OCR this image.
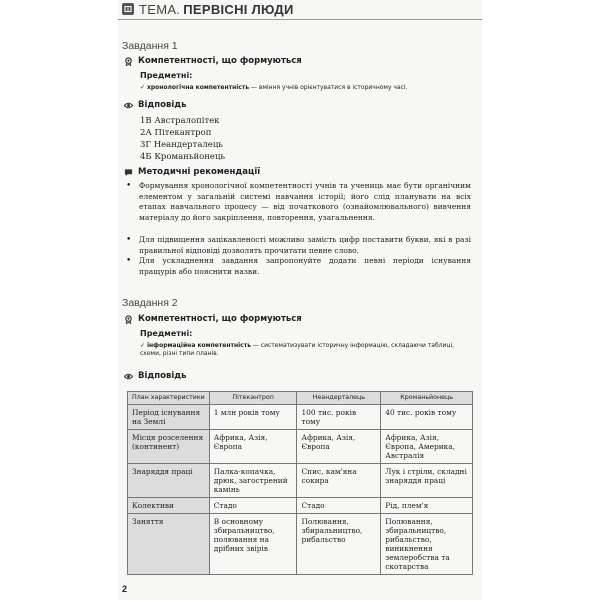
ТЕМА. ПЕРВІСНІ ЛЮДИ
Завдання 1
Компетентності, що формуються
Предметні:
✓ хронологічна компетентність — вміння учнів орієнтуватися в історичному часі.
Відповідь
1В Австралопітек
2А Пітекантроп
3Г Неандерталець
4Б Кроманьйонець
Методичні рекомендації
• Формування хронологічної компетентності учнів та учениць має бути органічним елементом у загальній системі навчання історії; його слід планувати на всіх етапах навчального процесу — від початкового (ознайомлювального) вивчення матеріалу до його закріплення, повторення, узагальнення.
• Для підвищення зацікавленості можливо замість цифр поставити букви, які в разі правильної відповіді дозволять прочитати певне слово.
• Для ускладнення завдання запропонуйте додати певні періоди існування пращурів або пояснити назви.
Завдання 2
Компетентності, що формуються
Предметні:
✓ інформаційна компетентність — систематизувати історичну інформацію, складаючи таблиці, схеми, різні типи планів.
Відповідь
План характеристики	Пітекантроп	Неандерталець	Кроманьйонець
Період існування на Землі	1 млн років тому	100 тис. років тому	40 тис. років тому
Місця розселення (континент)	Африка, Азія, Європа	Африка, Азія, Європа	Африка, Азія, Європа, Америка, Австралія
Знаряддя праці	Палка-копачка, дрюк, загострений камінь	Спис, кам'яна сокира	Лук і стріли, складні знаряддя праці
Колективи	Стадо	Стадо	Рід, плем'я
Заняття	В основному збиральництво, полювання на дрібних звірів	Полювання, збиральництво, рибальство	Полювання, збиральництво, рибальство, виникнення землеробства та скотарства
2
